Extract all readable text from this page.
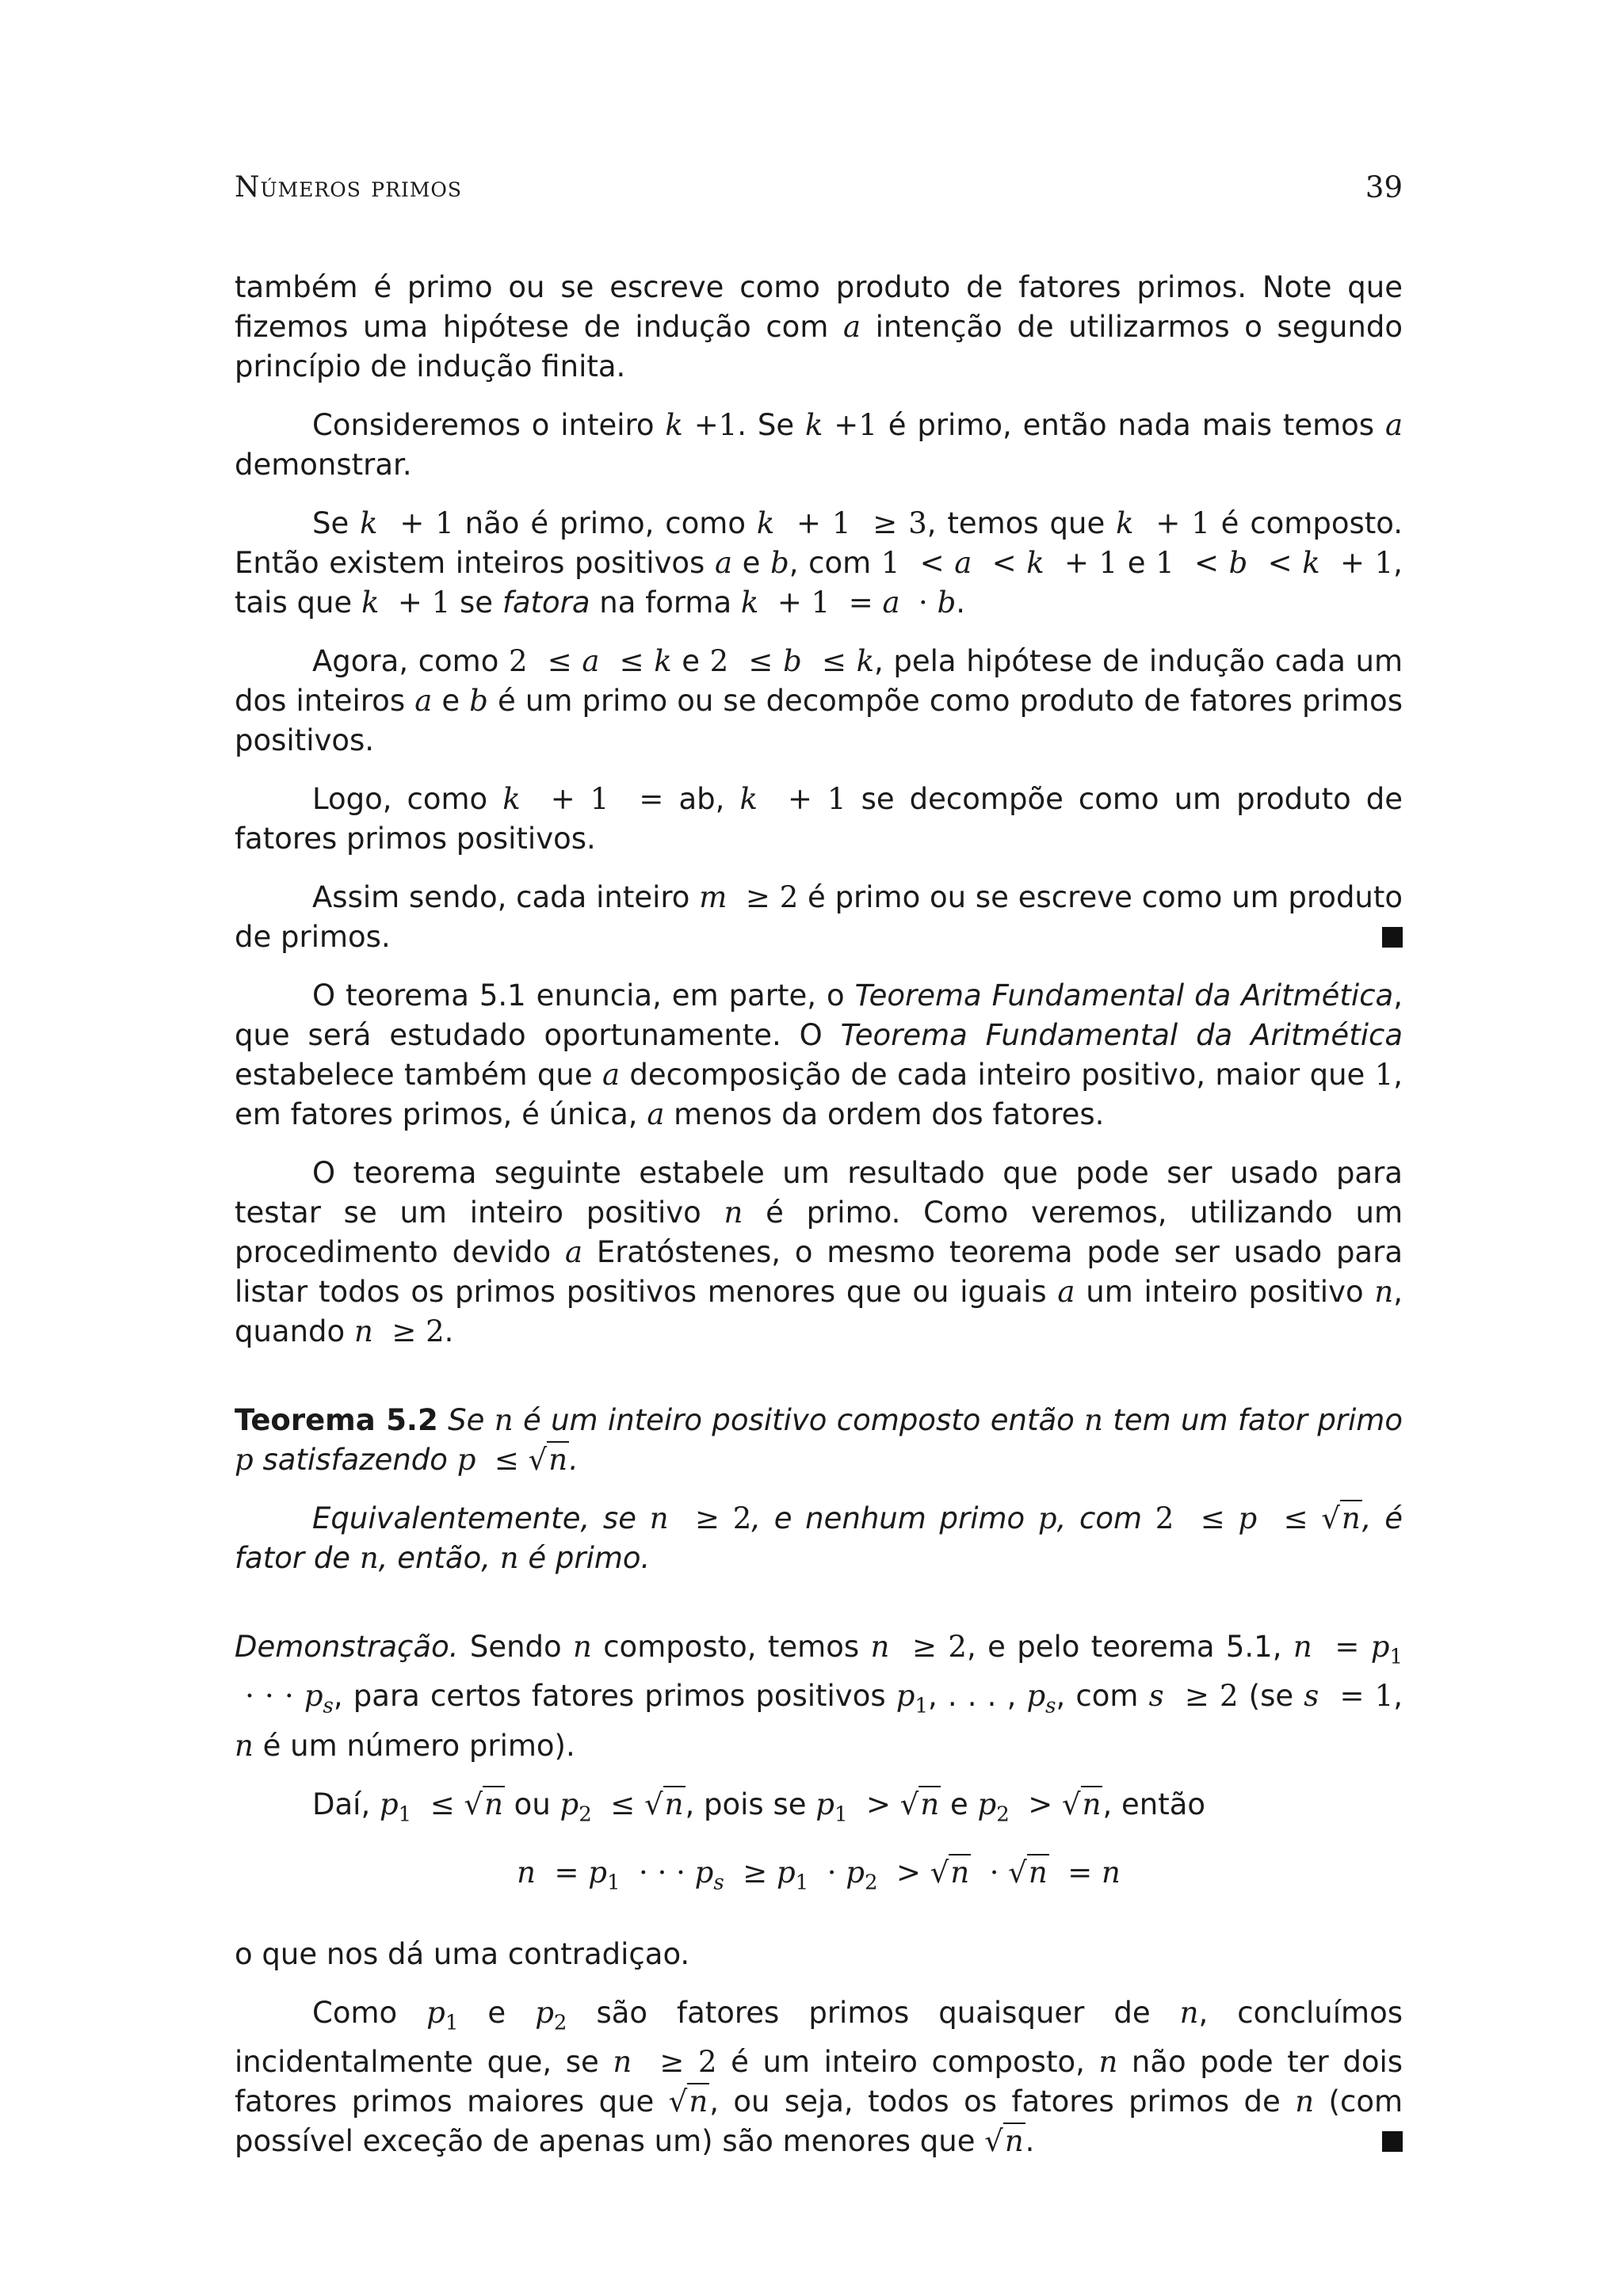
Números primos	39

também é primo ou se escreve como produto de fatores primos. Note que fizemos uma hipótese de indução com a intenção de utilizarmos o segundo princípio de indução finita.

Consideremos o inteiro k +1. Se k +1 é primo, então nada mais temos a demonstrar.

Se k  + 1 não é primo, como k  + 1  ≥ 3, temos que k  + 1 é composto. Então existem inteiros positivos a e b, com 1  < a  < k  + 1 e 1  < b  < k  + 1, tais que k  + 1 se fatora na forma k  + 1  = a  · b.

Agora, como 2  ≤ a  ≤ k e 2  ≤ b  ≤ k, pela hipótese de indução cada um dos inteiros a e b é um primo ou se decompõe como produto de fatores primos positivos.

Logo, como k  + 1  = ab, k  + 1 se decompõe como um produto de fatores primos positivos.

Assim sendo, cada inteiro m  ≥ 2 é primo ou se escreve como um produto de primos.

O teorema 5.1 enuncia, em parte, o Teorema Fundamental da Aritmética, que será estudado oportunamente. O Teorema Fundamental da Aritmética estabelece também que a decomposição de cada inteiro positivo, maior que 1, em fatores primos, é única, a menos da ordem dos fatores.

O teorema seguinte estabele um resultado que pode ser usado para testar se um inteiro positivo n é primo. Como veremos, utilizando um procedimento devido a Eratóstenes, o mesmo teorema pode ser usado para listar todos os primos positivos menores que ou iguais a um inteiro positivo n, quando n  ≥ 2.

Teorema 5.2 Se n é um inteiro positivo composto então n tem um fator primo p satisfazendo p  ≤ √n.

Equivalentemente, se n  ≥ 2, e nenhum primo p, com 2  ≤ p  ≤ √n, é fator de n, então, n é primo.

Demonstração. Sendo n composto, temos n  ≥ 2, e pelo teorema 5.1, $n = p_1$  · · · $p_s$, para certos fatores primos positivos $p_1$, . . . , $p_s$, com s  ≥ 2 (se s  = 1, n é um número primo).

Daí, $p_1 \le √n$ ou $p_2 \le √n$, pois se $p_1 > √n$ e $p_2 > √n$, então

$n = p_1$  · · · $p_s \ge p_1 \cdot p_2 > √n \cdot √n = n$

o que nos dá uma contradiçao.

Como $p_1$ e $p_2$ são fatores primos quaisquer de n, concluímos incidentalmente que, se n  ≥ 2 é um inteiro composto, n não pode ter dois fatores primos maiores que √n, ou seja, todos os fatores primos de n (com possível exceção de apenas um) são menores que √n.
